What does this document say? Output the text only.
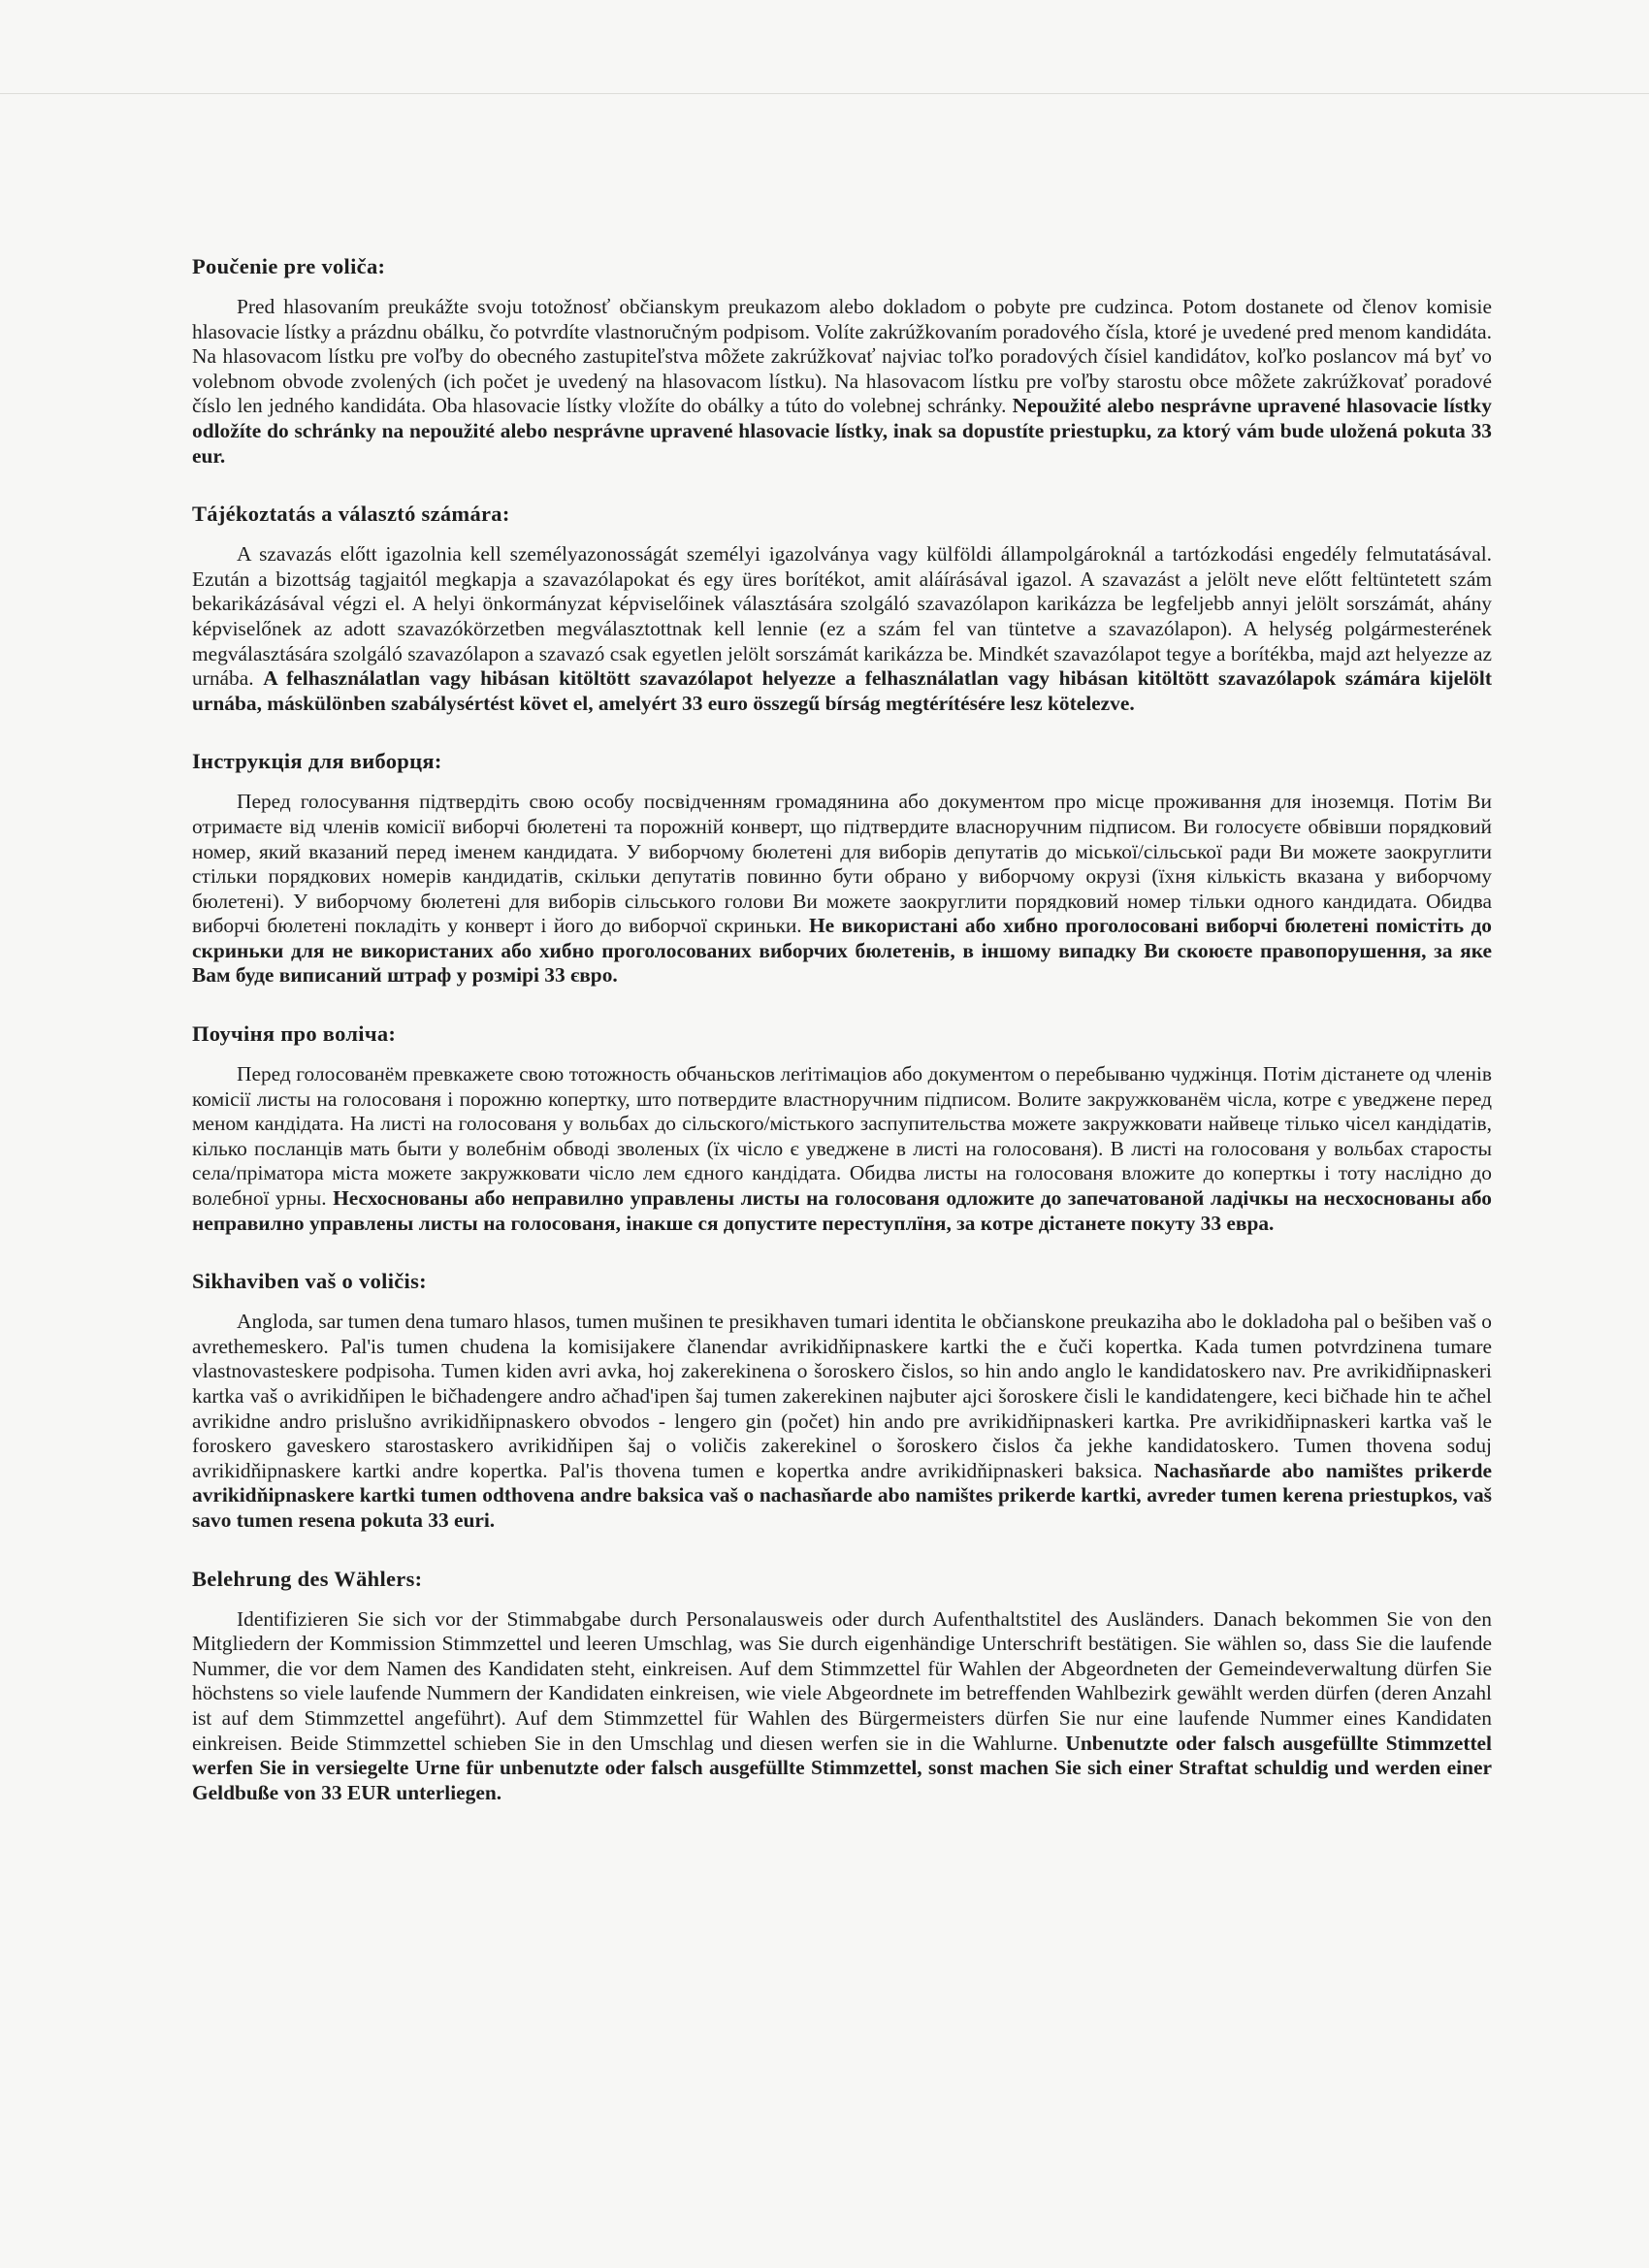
Poučenie pre voliča:

Pred hlasovaním preukážte svoju totožnosť občianskym preukazom alebo dokladom o pobyte pre cudzinca. Potom dostanete od členov komisie hlasovacie lístky a prázdnu obálku, čo potvrdíte vlastnoručným podpisom. Volíte zakrúžkovaním poradového čísla, ktoré je uvedené pred menom kandidáta. Na hlasovacom lístku pre voľby do obecného zastupiteľstva môžete zakrúžkovať najviac toľko poradových čísiel kandidátov, koľko poslancov má byť vo volebnom obvode zvolených (ich počet je uvedený na hlasovacom lístku). Na hlasovacom lístku pre voľby starostu obce môžete zakrúžkovať poradové číslo len jedného kandidáta. Oba hlasovacie lístky vložíte do obálky a túto do volebnej schránky. Nepoužité alebo nesprávne upravené hlasovacie lístky odložíte do schránky na nepoužité alebo nesprávne upravené hlasovacie lístky, inak sa dopustíte priestupku, za ktorý vám bude uložená pokuta 33 eur.

Tájékoztatás a választó számára:

A szavazás előtt igazolnia kell személyazonosságát személyi igazolványa vagy külföldi állampolgároknál a tartózkodási engedély felmutatásával. Ezután a bizottság tagjaitól megkapja a szavazólapokat és egy üres borítékot, amit aláírásával igazol. A szavazást a jelölt neve előtt feltüntetett szám bekarikázásával végzi el. A helyi önkormányzat képviselőinek választására szolgáló szavazólapon karikázza be legfeljebb annyi jelölt sorszámát, ahány képviselőnek az adott szavazókörzetben megválasztottnak kell lennie (ez a szám fel van tüntetve a szavazólapon). A helység polgármesterének megválasztására szolgáló szavazólapon a szavazó csak egyetlen jelölt sorszámát karikázza be. Mindkét szavazólapot tegye a borítékba, majd azt helyezze az urnába. A felhasználatlan vagy hibásan kitöltött szavazólapot helyezze a felhasználatlan vagy hibásan kitöltött szavazólapok számára kijelölt urnába, máskülönben szabálysértést követ el, amelyért 33 euro összegű bírság megtérítésére lesz kötelezve.

Інструкція для виборця:

Перед голосування підтвердіть свою особу посвідченням громадянина або документом про місце проживання для іноземця. Потім Ви отримаєте від членів комісії виборчі бюлетені та порожній конверт, що підтвердите власноручним підписом. Ви голосуєте обвівши порядковий номер, який вказаний перед іменем кандидата. У виборчому бюлетені для виборів депутатів до міської/сільської ради Ви можете заокруглити стільки порядкових номерів кандидатів, скільки депутатів повинно бути обрано у виборчому окрузі (їхня кількість вказана у виборчому бюлетені). У виборчому бюлетені для виборів сільського голови Ви можете заокруглити порядковий номер тільки одного кандидата. Обидва виборчі бюлетені покладіть у конверт і його до виборчої скриньки. Не використані або хибно проголосовані виборчі бюлетені помістіть до скриньки для не використаних або хибно проголосованих виборчих бюлетенів, в іншому випадку Ви скоюєте правопорушення, за яке Вам буде виписаний штраф у розмірі 33 євро.

Поучіня про воліча:

Перед голосованём превкажете свою тотожность обчаньсков леґітімаціов або документом о перебываню чуджінця. Потім дістанете од членів комісії листы на голосованя і порожню копертку, што потвердите властноручним підписом. Волите закружкованём чісла, котре є уведжене перед меном кандідата. На листі на голосованя у вольбах до сільского/містького заспупительства можете закружковати найвеце тілько чісел кандідатів, кілько посланців мать быти у волебнім обводі зволеных (їх чісло є уведжене в листі на голосованя). В листі на голосованя у вольбах старосты села/пріматора міста можете закружковати чісло лем єдного кандідата. Обидва листы на голосованя вложите до коперткы і тоту насліднo до волебної урны. Несхоснованы або неправилно управлены листы на голосованя одложите до запечатованой ладічкы на несхоснованы або неправилно управлены листы на голосованя, інакше ся допустите переступлїня, за котре дістанете покуту 33 евра.

Sikhaviben vaš o voličis:

Angloda, sar tumen dena tumaro hlasos, tumen mušinen te presikhaven tumari identita le občianskone preukaziha abo le dokladoha pal o bešiben vaš o avrethemeskero. Pal'is tumen chudena la komisijakere članendar avrikidňipnaskere kartki the e čuči kopertka. Kada tumen potvrdzinena tumare vlastnovasteskere podpisoha. Tumen kiden avri avka, hoj zakerekinena o šoroskero čislos, so hin ando anglo le kandidatoskero nav. Pre avrikidňipnaskeri kartka vaš o avrikidňipen le bičhadengere andro ačhad'ipen šaj tumen zakerekinen najbuter ajci šoroskere čisli le kandidatengere, keci bičhade hin te ačhel avrikidne andro prislušno avrikidňipnaskero obvodos - lengero gin (počet) hin ando pre avrikidňipnaskeri kartka. Pre avrikidňipnaskeri kartka vaš le foroskero gaveskero starostaskero avrikidňipen šaj o voličis zakerekinel o šoroskero čislos ča jekhe kandidatoskero. Tumen thovena soduj avrikidňipnaskere kartki andre kopertka. Pal'is thovena tumen e kopertka andre avrikidňipnaskeri baksica. Nachasňarde abo namištes prikerde avrikidňipnaskere kartki tumen odthovena andre baksica vaš o nachasňarde abo namištes prikerde kartki, avreder tumen kerena priestupkos, vaš savo tumen resena pokuta 33 euri.

Belehrung des Wählers:

Identifizieren Sie sich vor der Stimmabgabe durch Personalausweis oder durch Aufenthaltstitel des Ausländers. Danach bekommen Sie von den Mitgliedern der Kommission Stimmzettel und leeren Umschlag, was Sie durch eigenhändige Unterschrift bestätigen. Sie wählen so, dass Sie die laufende Nummer, die vor dem Namen des Kandidaten steht, einkreisen. Auf dem Stimmzettel für Wahlen der Abgeordneten der Gemeindeverwaltung dürfen Sie höchstens so viele laufende Nummern der Kandidaten einkreisen, wie viele Abgeordnete im betreffenden Wahlbezirk gewählt werden dürfen (deren Anzahl ist auf dem Stimmzettel angeführt). Auf dem Stimmzettel für Wahlen des Bürgermeisters dürfen Sie nur eine laufende Nummer eines Kandidaten einkreisen. Beide Stimmzettel schieben Sie in den Umschlag und diesen werfen sie in die Wahlurne. Unbenutzte oder falsch ausgefüllte Stimmzettel werfen Sie in versiegelte Urne für unbenutzte oder falsch ausgefüllte Stimmzettel, sonst machen Sie sich einer Straftat schuldig und werden einer Geldbuße von 33 EUR unterliegen.
